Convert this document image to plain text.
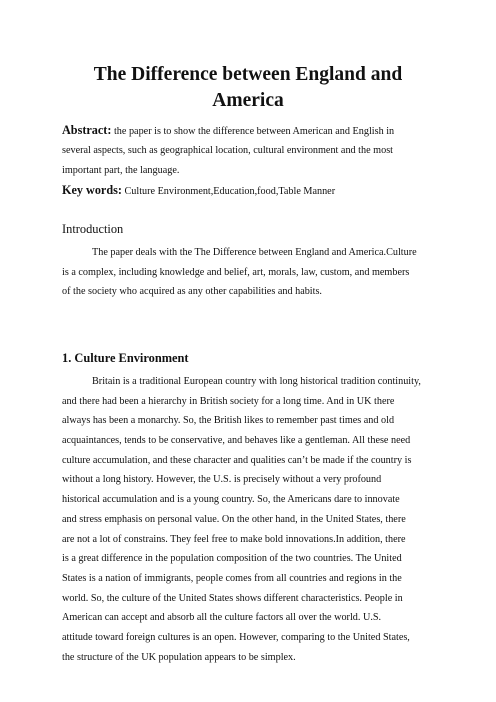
The Difference between England and
America
Abstract: the paper is to show the difference between American and English in
several aspects, such as geographical location, cultural environment and the most
important part, the language.
Key words: Culture Environment,Education,food,Table Manner
Introduction
The paper deals with the The Difference between England and America.Culture
is a complex, including knowledge and belief, art, morals, law, custom, and members
of the society who acquired as any other capabilities and habits.
1. Culture Environment
Britain is a traditional European country with long historical tradition continuity,
and there had been a hierarchy in British society for a long time. And in UK there
always has been a monarchy. So, the British likes to remember past times and old
acquaintances, tends to be conservative, and behaves like a gentleman. All these need
culture accumulation, and these character and qualities can’t be made if the country is
without a long history. However, the U.S. is precisely without a very profound
historical accumulation and is a young country. So, the Americans dare to innovate
and stress emphasis on personal value. On the other hand, in the United States, there
are not a lot of constrains. They feel free to make bold innovations.In addition, there
is a great difference in the population composition of the two countries. The United
States is a nation of immigrants, people comes from all countries and regions in the
world. So, the culture of the United States shows different characteristics. People in
American can accept and absorb all the culture factors all over the world. U.S.
attitude toward foreign cultures is an open. However, comparing to the United States,
the structure of the UK population appears to be simplex.
